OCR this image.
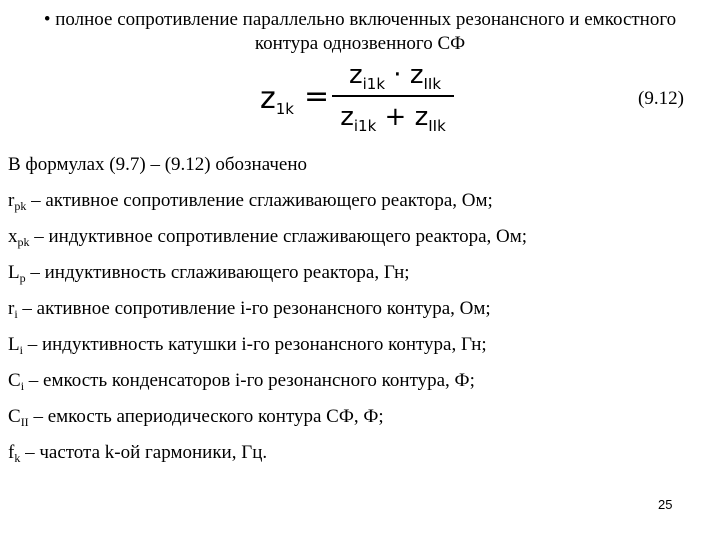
• полное сопротивление параллельно включенных резонансного и емкостного
контура однозвенного СФ
$z_{1k}$ =
$z_{i1k} \cdot z_{IIk}$
$z_{i1k} + z_{IIk}$
(9.12)
В формулах (9.7) – (9.12) обозначено
$r_{pk}$ – активное сопротивление сглаживающего реактора, Ом;
$x_{pk}$ – индуктивное сопротивление сглаживающего реактора, Ом;
$L_p$ – индуктивность сглаживающего реактора, Гн;
$r_i$ – активное сопротивление i-го резонансного контура, Ом;
$L_i$ – индуктивность катушки i-го резонансного контура, Гн;
$C_i$ – емкость конденсаторов i-го резонансного контура, Ф;
$C_{II}$ – емкость апериодического контура СФ, Ф;
$f_k$ – частота k-ой гармоники, Гц.
25
